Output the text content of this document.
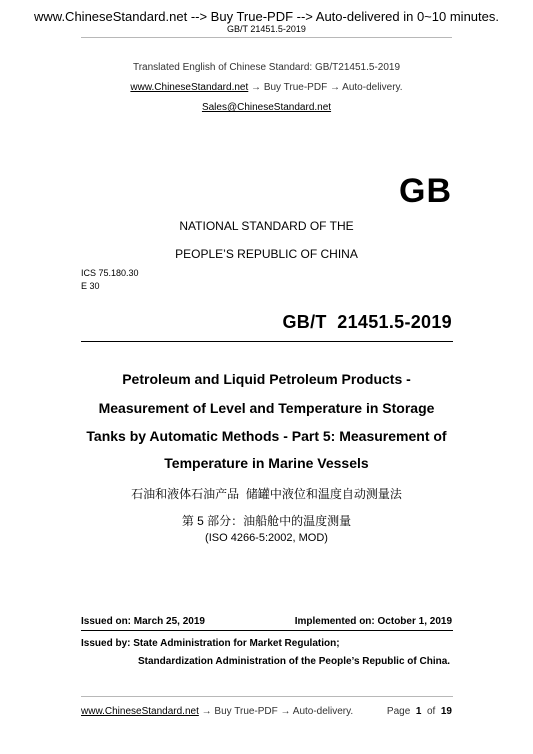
www.ChineseStandard.net --> Buy True-PDF --> Auto-delivered in 0~10 minutes.
GB/T 21451.5-2019
Translated English of Chinese Standard: GB/T21451.5-2019
www.ChineseStandard.net → Buy True-PDF → Auto-delivery.
Sales@ChineseStandard.net
GB
NATIONAL STANDARD OF THE
PEOPLE’S REPUBLIC OF CHINA
ICS 75.180.30
E 30
GB/T  21451.5-2019
Petroleum and Liquid Petroleum Products -
Measurement of Level and Temperature in Storage
Tanks by Automatic Methods - Part 5: Measurement of
Temperature in Marine Vessels
石油和液体石油产品  储罐中液位和温度自动测量法
第 5 部分：油船舱中的温度测量
(ISO 4266-5:2002, MOD)
Issued on: March 25, 2019	Implemented on: October 1, 2019
Issued by: State Administration for Market Regulation;
Standardization Administration of the People’s Republic of China.
www.ChineseStandard.net → Buy True-PDF → Auto-delivery.	Page 1 of 19
